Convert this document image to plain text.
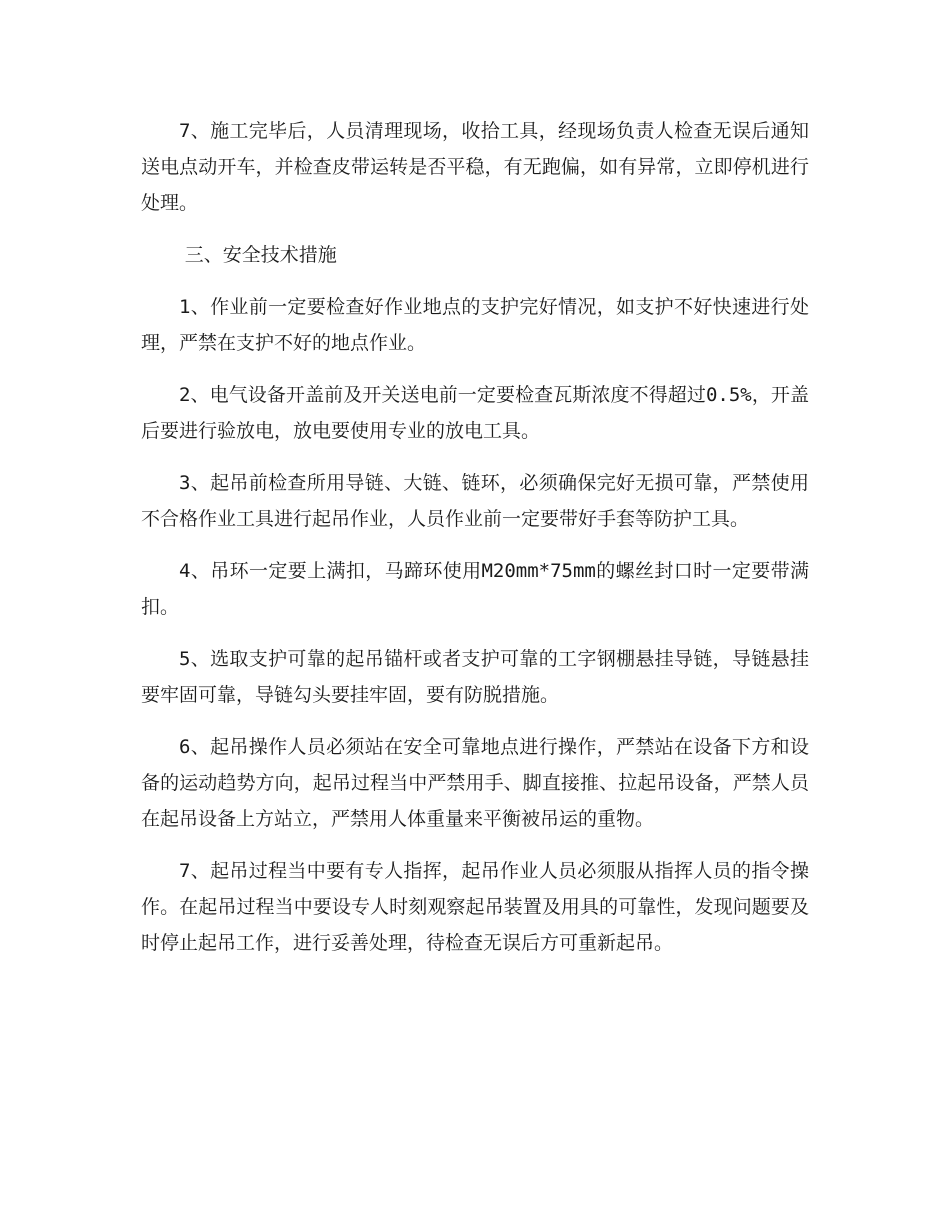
7、施工完毕后，人员清理现场，收拾工具，经现场负责人检查无误后通知送电点动开车，并检查皮带运转是否平稳，有无跑偏，如有异常，立即停机进行处理。

三、安全技术措施

1、作业前一定要检查好作业地点的支护完好情况，如支护不好快速进行处理，严禁在支护不好的地点作业。

2、电气设备开盖前及开关送电前一定要检查瓦斯浓度不得超过0.5%，开盖后要进行验放电，放电要使用专业的放电工具。

3、起吊前检查所用导链、大链、链环，必须确保完好无损可靠，严禁使用不合格作业工具进行起吊作业，人员作业前一定要带好手套等防护工具。

4、吊环一定要上满扣，马蹄环使用M20mm*75mm的螺丝封口时一定要带满扣。

5、选取支护可靠的起吊锚杆或者支护可靠的工字钢棚悬挂导链，导链悬挂要牢固可靠，导链勾头要挂牢固，要有防脱措施。

6、起吊操作人员必须站在安全可靠地点进行操作，严禁站在设备下方和设备的运动趋势方向，起吊过程当中严禁用手、脚直接推、拉起吊设备，严禁人员在起吊设备上方站立，严禁用人体重量来平衡被吊运的重物。

7、起吊过程当中要有专人指挥，起吊作业人员必须服从指挥人员的指令操作。在起吊过程当中要设专人时刻观察起吊装置及用具的可靠性，发现问题要及时停止起吊工作，进行妥善处理，待检查无误后方可重新起吊。
